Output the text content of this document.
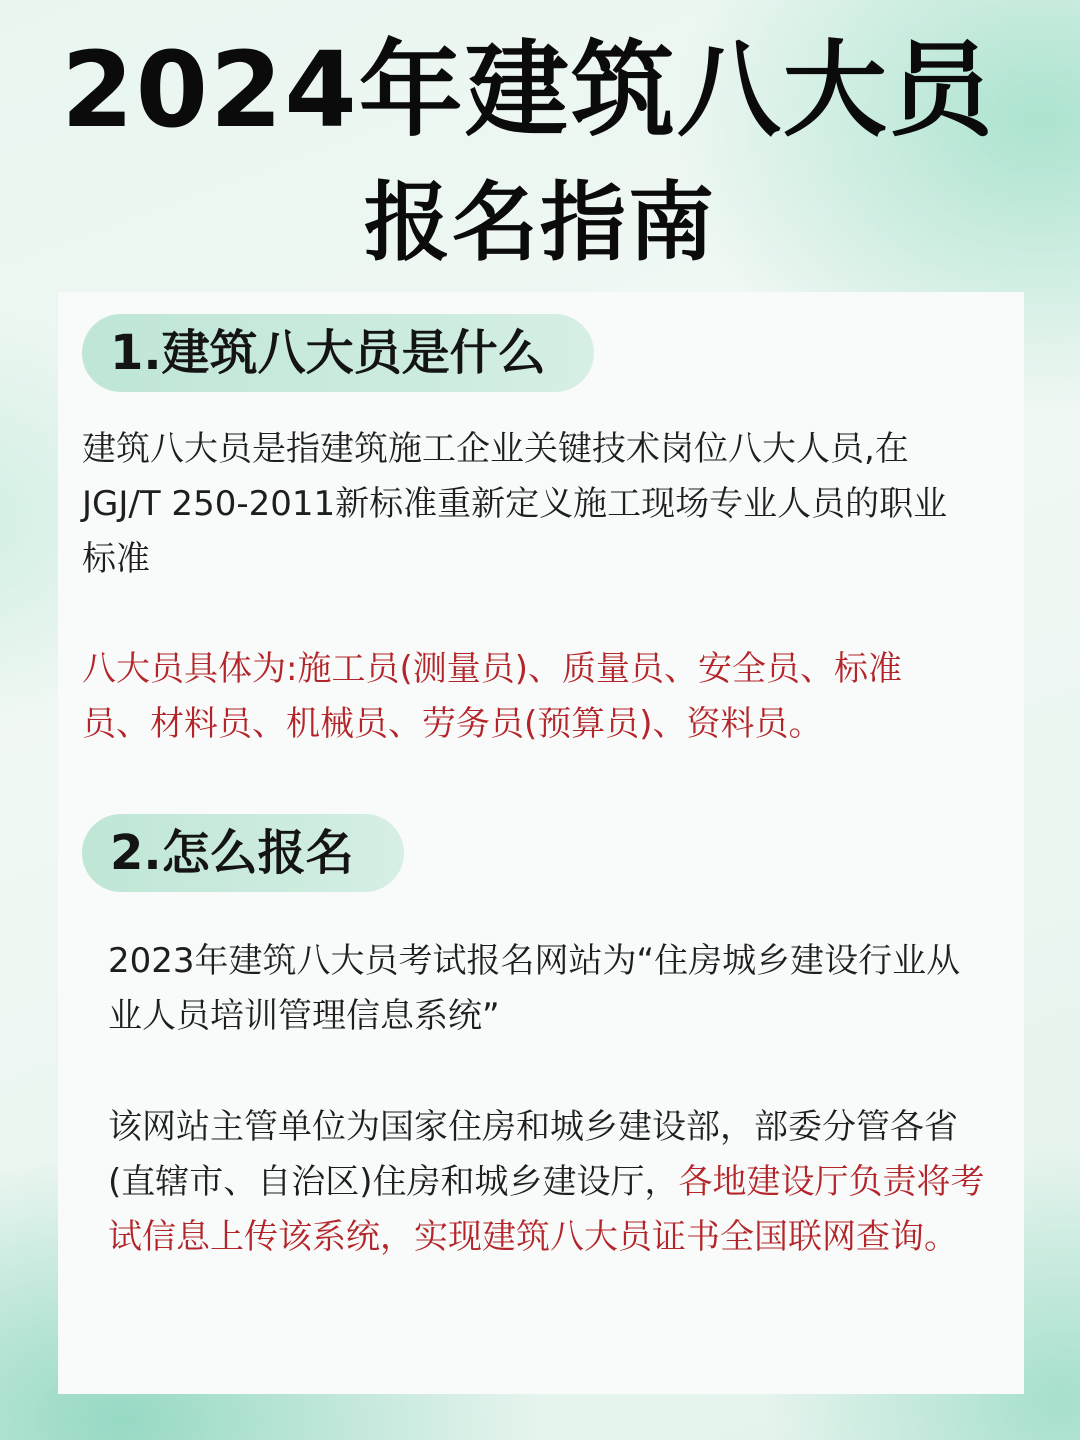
2024年建筑八大员
报名指南
1.建筑八大员是什么

建筑八大员是指建筑施工企业关键技术岗位八大人员,在JGJ/T 250-2011新标准重新定义施工现场专业人员的职业标准

八大员具体为:施工员(测量员)、质量员、安全员、标准员、材料员、机械员、劳务员(预算员)、资料员。

2.怎么报名

2023年建筑八大员考试报名网站为“住房城乡建设行业从业人员培训管理信息系统”

该网站主管单位为国家住房和城乡建设部，部委分管各省(直辖市、自治区)住房和城乡建设厅，各地建设厅负责将考试信息上传该系统，实现建筑八大员证书全国联网查询。
